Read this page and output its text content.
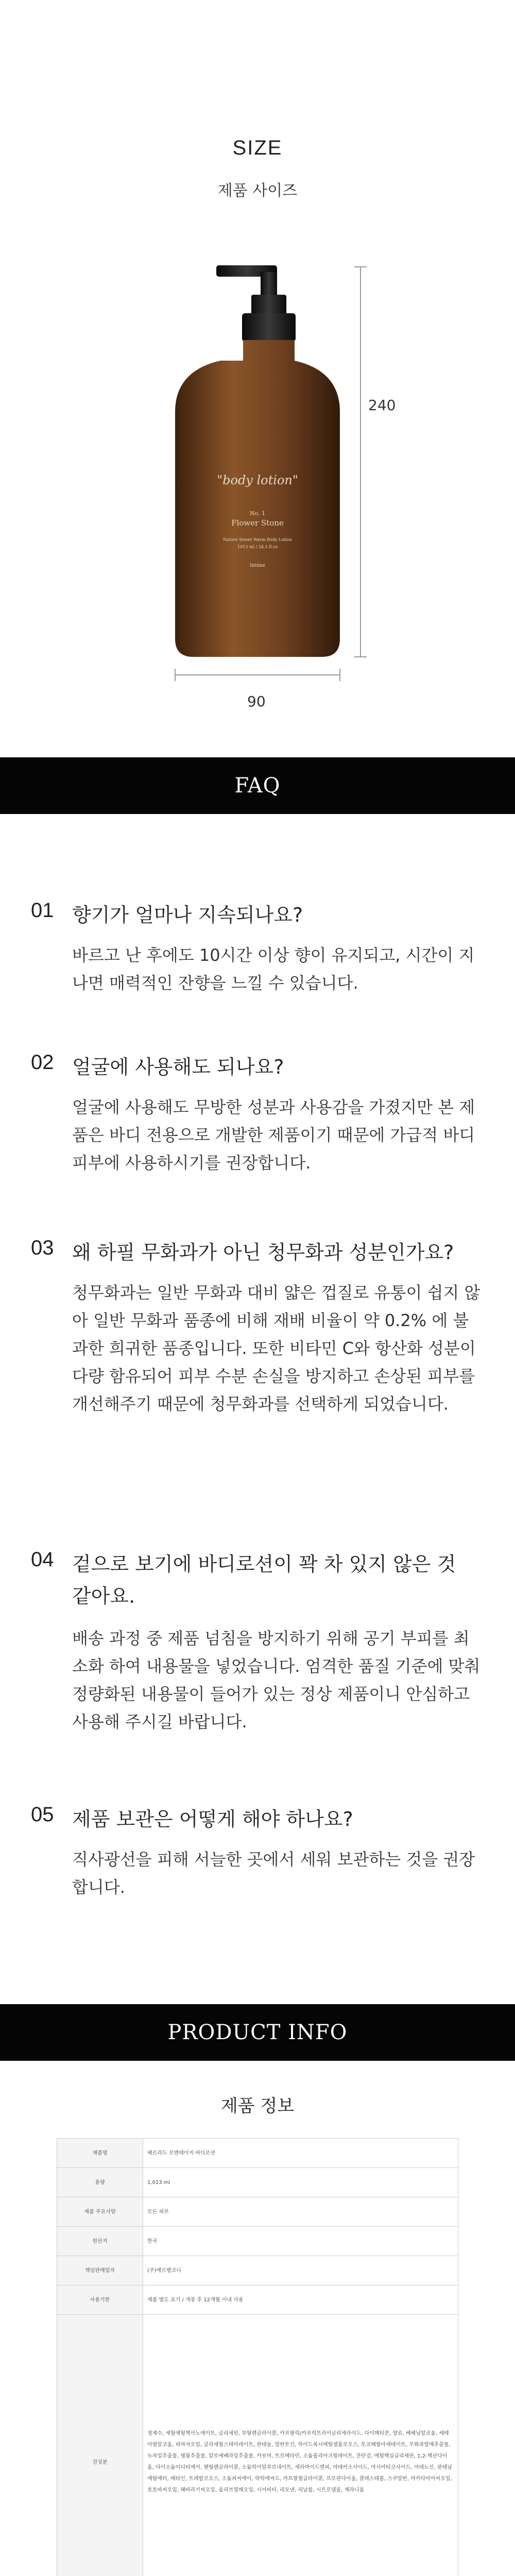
SIZE
제품 사이즈
"body lotion"
No. 1
Flower Stone
Nature Sweet Warm Body Lotion
1013 ml / 34.3 fl.oz
Intime
240
90
FAQ
01 향기가 얼마나 지속되나요?
바르고 난 후에도 10시간 이상 향이 유지되고, 시간이 지나면 매력적인 잔향을 느낄 수 있습니다.
02 얼굴에 사용해도 되나요?
얼굴에 사용해도 무방한 성분과 사용감을 가졌지만 본 제품은 바디 전용으로 개발한 제품이기 때문에 가급적 바디 피부에 사용하시기를 권장합니다.
03 왜 하필 무화과가 아닌 청무화과 성분인가요?
청무화과는 일반 무화과 대비 얇은 껍질로 유통이 쉽지 않아 일반 무화과 품종에 비해 재배 비율이 약 0.2% 에 불과한 희귀한 품종입니다. 또한 비타민 C와 항산화 성분이 다량 함유되어 피부 수분 손실을 방지하고 손상된 피부를 개선해주기 때문에 청무화과를 선택하게 되었습니다.
04 겉으로 보기에 바디로션이 꽉 차 있지 않은 것 같아요.
배송 과정 중 제품 넘침을 방지하기 위해 공기 부피를 최소화 하여 내용물을 넣었습니다. 엄격한 품질 기준에 맞춰 정량화된 내용물이 들어가 있는 정상 제품이니 안심하고 사용해 주시길 바랍니다.
05 제품 보관은 어떻게 해야 하나요?
직사광선을 피해 서늘한 곳에서 세워 보관하는 것을 권장합니다.
PRODUCT INFO
제품 정보
제품명	헤르라드 로맨테이지 바디로션
용량	1,013 ml
제품 주요사양	모든 피부
원산지	한국
책임판매업자	(주)에르벨코니
사용기한	제품 별도 표기 / 개봉 후 12개월 이내 사용
전성분	정제수, 세틸에틸헥사노에이트, 글리세린, 부틸렌글라이콜, 카프릴릭/카프릭트라이글리세라이드, 다이메티콘, 향료, 베헤닐알코올, 세테아릴알코올, 피마자오일, 글리세릴스테아레이트, 판테놀, 알란토인, 하이드록시에틸셀룰로오스, 토코페릴아세테이트, 무화과열매추출물, 녹차잎추출물, 병풀추출물, 알로에베라잎추출물, 카보머, 트로메타민, 소듐폴리아크릴레이트, 잔탄검, 에틸헥실글리세린, 1,2-헥산다이올, 다이소듐이디티에이, 펜틸렌글라이콜, 소듐하이알루로네이트, 세라마이드엔피, 마데카소사이드, 아시아티코사이드, 아데노신, 판테닐에틸에터, 베타인, 트레할로오스, 소듐피씨에이, 락틱애씨드, 카프릴릴글라이콜, 프로판다이올, 콜레스테롤, 스쿠알란, 마카다미아씨오일, 호호바씨오일, 해바라기씨오일, 올리브열매오일, 시어버터, 리모넨, 리날룰, 시트로넬올, 제라니올
